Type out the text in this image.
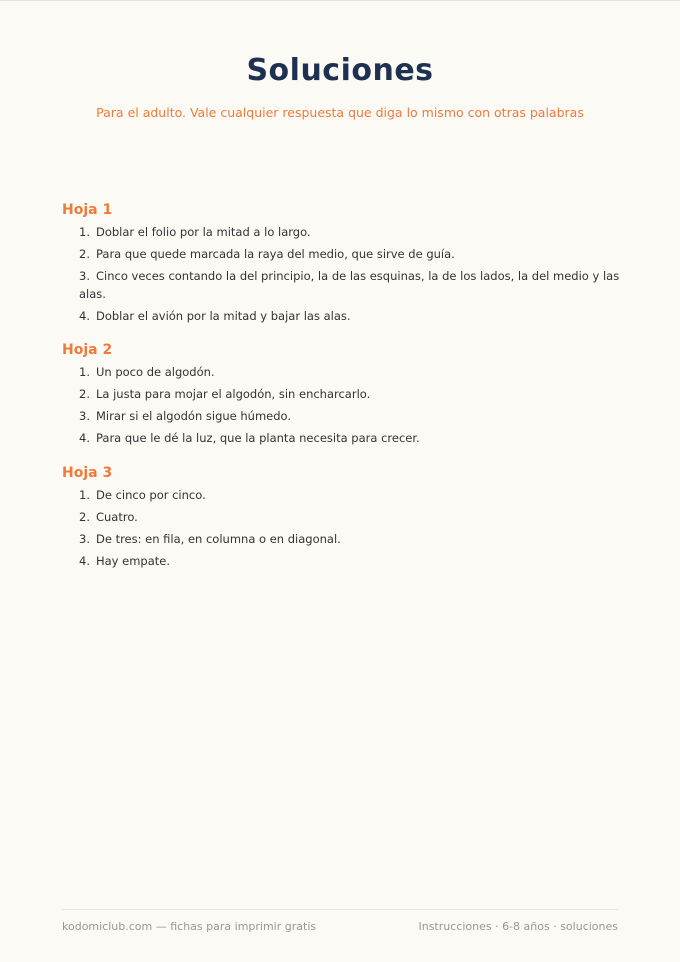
Soluciones

Para el adulto. Vale cualquier respuesta que diga lo mismo con otras palabras

Hoja 1
1. Doblar el folio por la mitad a lo largo.
2. Para que quede marcada la raya del medio, que sirve de guía.
3. Cinco veces contando la del principio, la de las esquinas, la de los lados, la del medio y las alas.
4. Doblar el avión por la mitad y bajar las alas.
Hoja 2
1. Un poco de algodón.
2. La justa para mojar el algodón, sin encharcarlo.
3. Mirar si el algodón sigue húmedo.
4. Para que le dé la luz, que la planta necesita para crecer.
Hoja 3
1. De cinco por cinco.
2. Cuatro.
3. De tres: en fila, en columna o en diagonal.
4. Hay empate.
kodomiclub.com — fichas para imprimir gratis	Instrucciones · 6-8 años · soluciones
